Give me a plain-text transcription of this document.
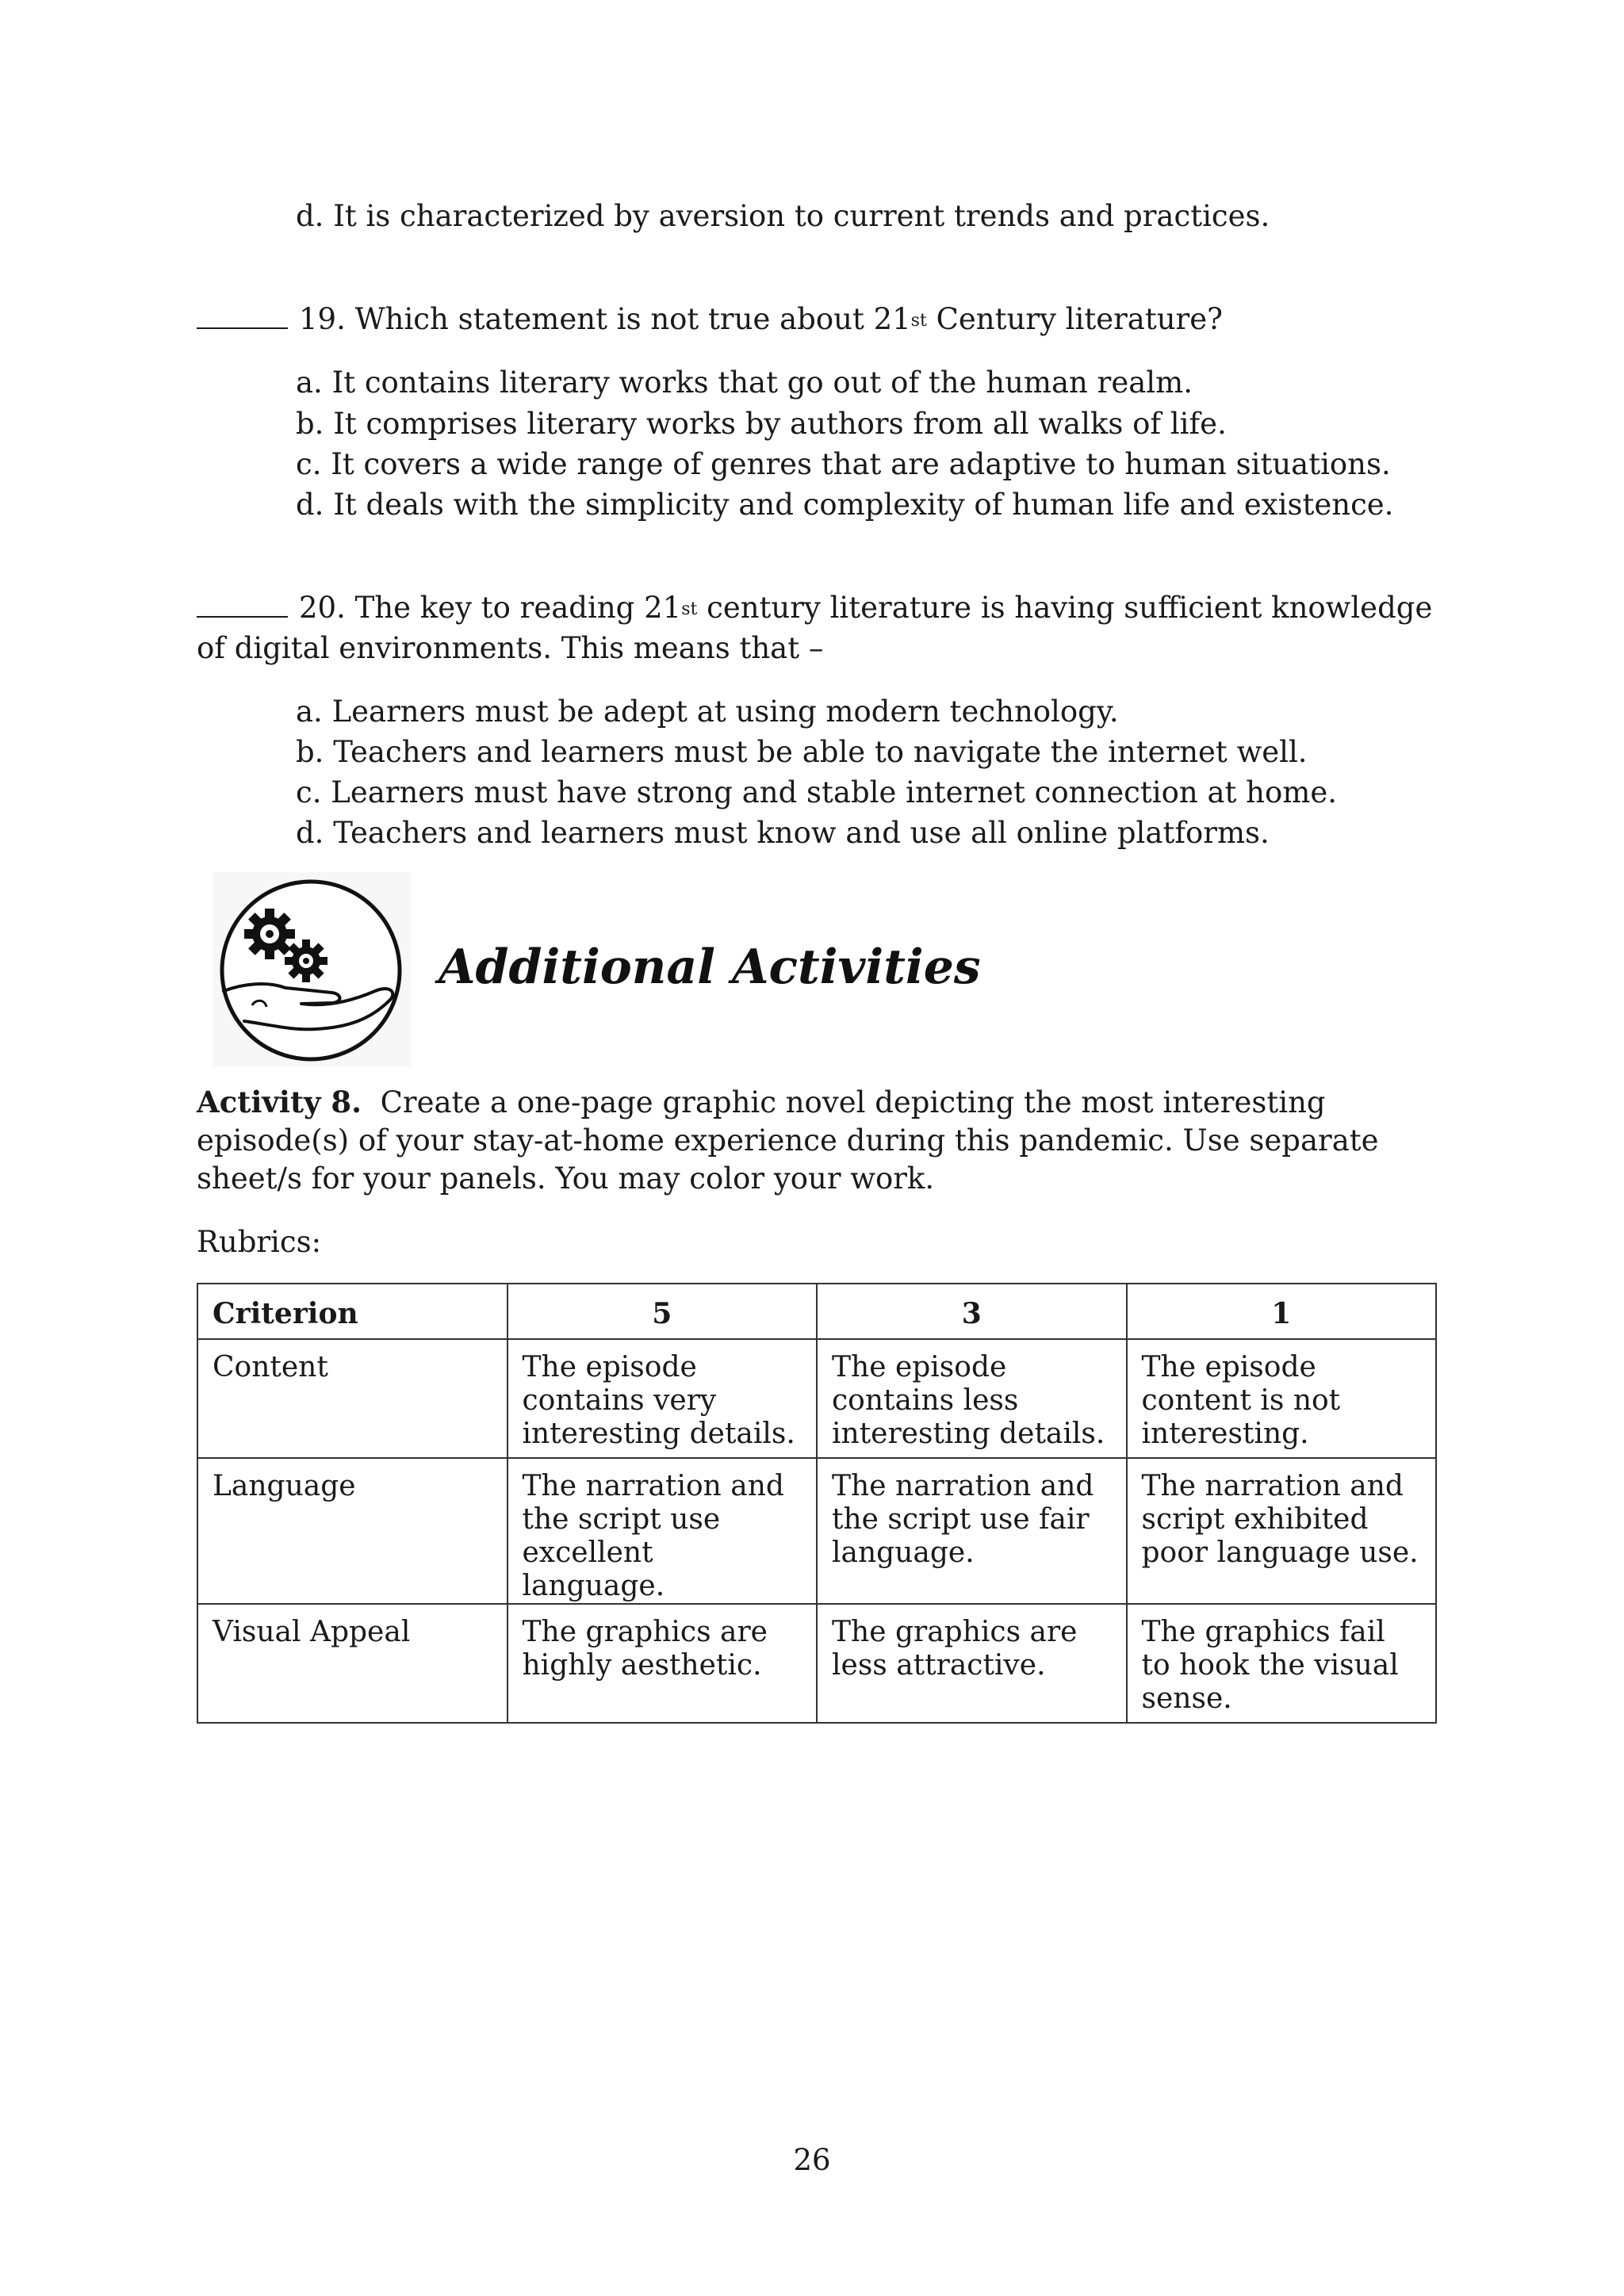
d. It is characterized by aversion to current trends and practices.
19. Which statement is not true about 21st Century literature?
a. It contains literary works that go out of the human realm.
b. It comprises literary works by authors from all walks of life.
c. It covers a wide range of genres that are adaptive to human situations.
d. It deals with the simplicity and complexity of human life and existence.
20. The key to reading 21st century literature is having sufficient knowledge
of digital environments. This means that –
a. Learners must be adept at using modern technology.
b. Teachers and learners must be able to navigate the internet well.
c. Learners must have strong and stable internet connection at home.
d. Teachers and learners must know and use all online platforms.
Additional Activities
Activity 8. Create a one-page graphic novel depicting the most interesting episode(s) of your stay-at-home experience during this pandemic. Use separate sheet/s for your panels. You may color your work.
Rubrics:
Criterion	5	3	1
Content	The episode contains very interesting details.	The episode contains less interesting details.	The episode content is not interesting.
Language	The narration and the script use excellent language.	The narration and the script use fair language.	The narration and script exhibited poor language use.
Visual Appeal	The graphics are highly aesthetic.	The graphics are less attractive.	The graphics fail to hook the visual sense.
26
